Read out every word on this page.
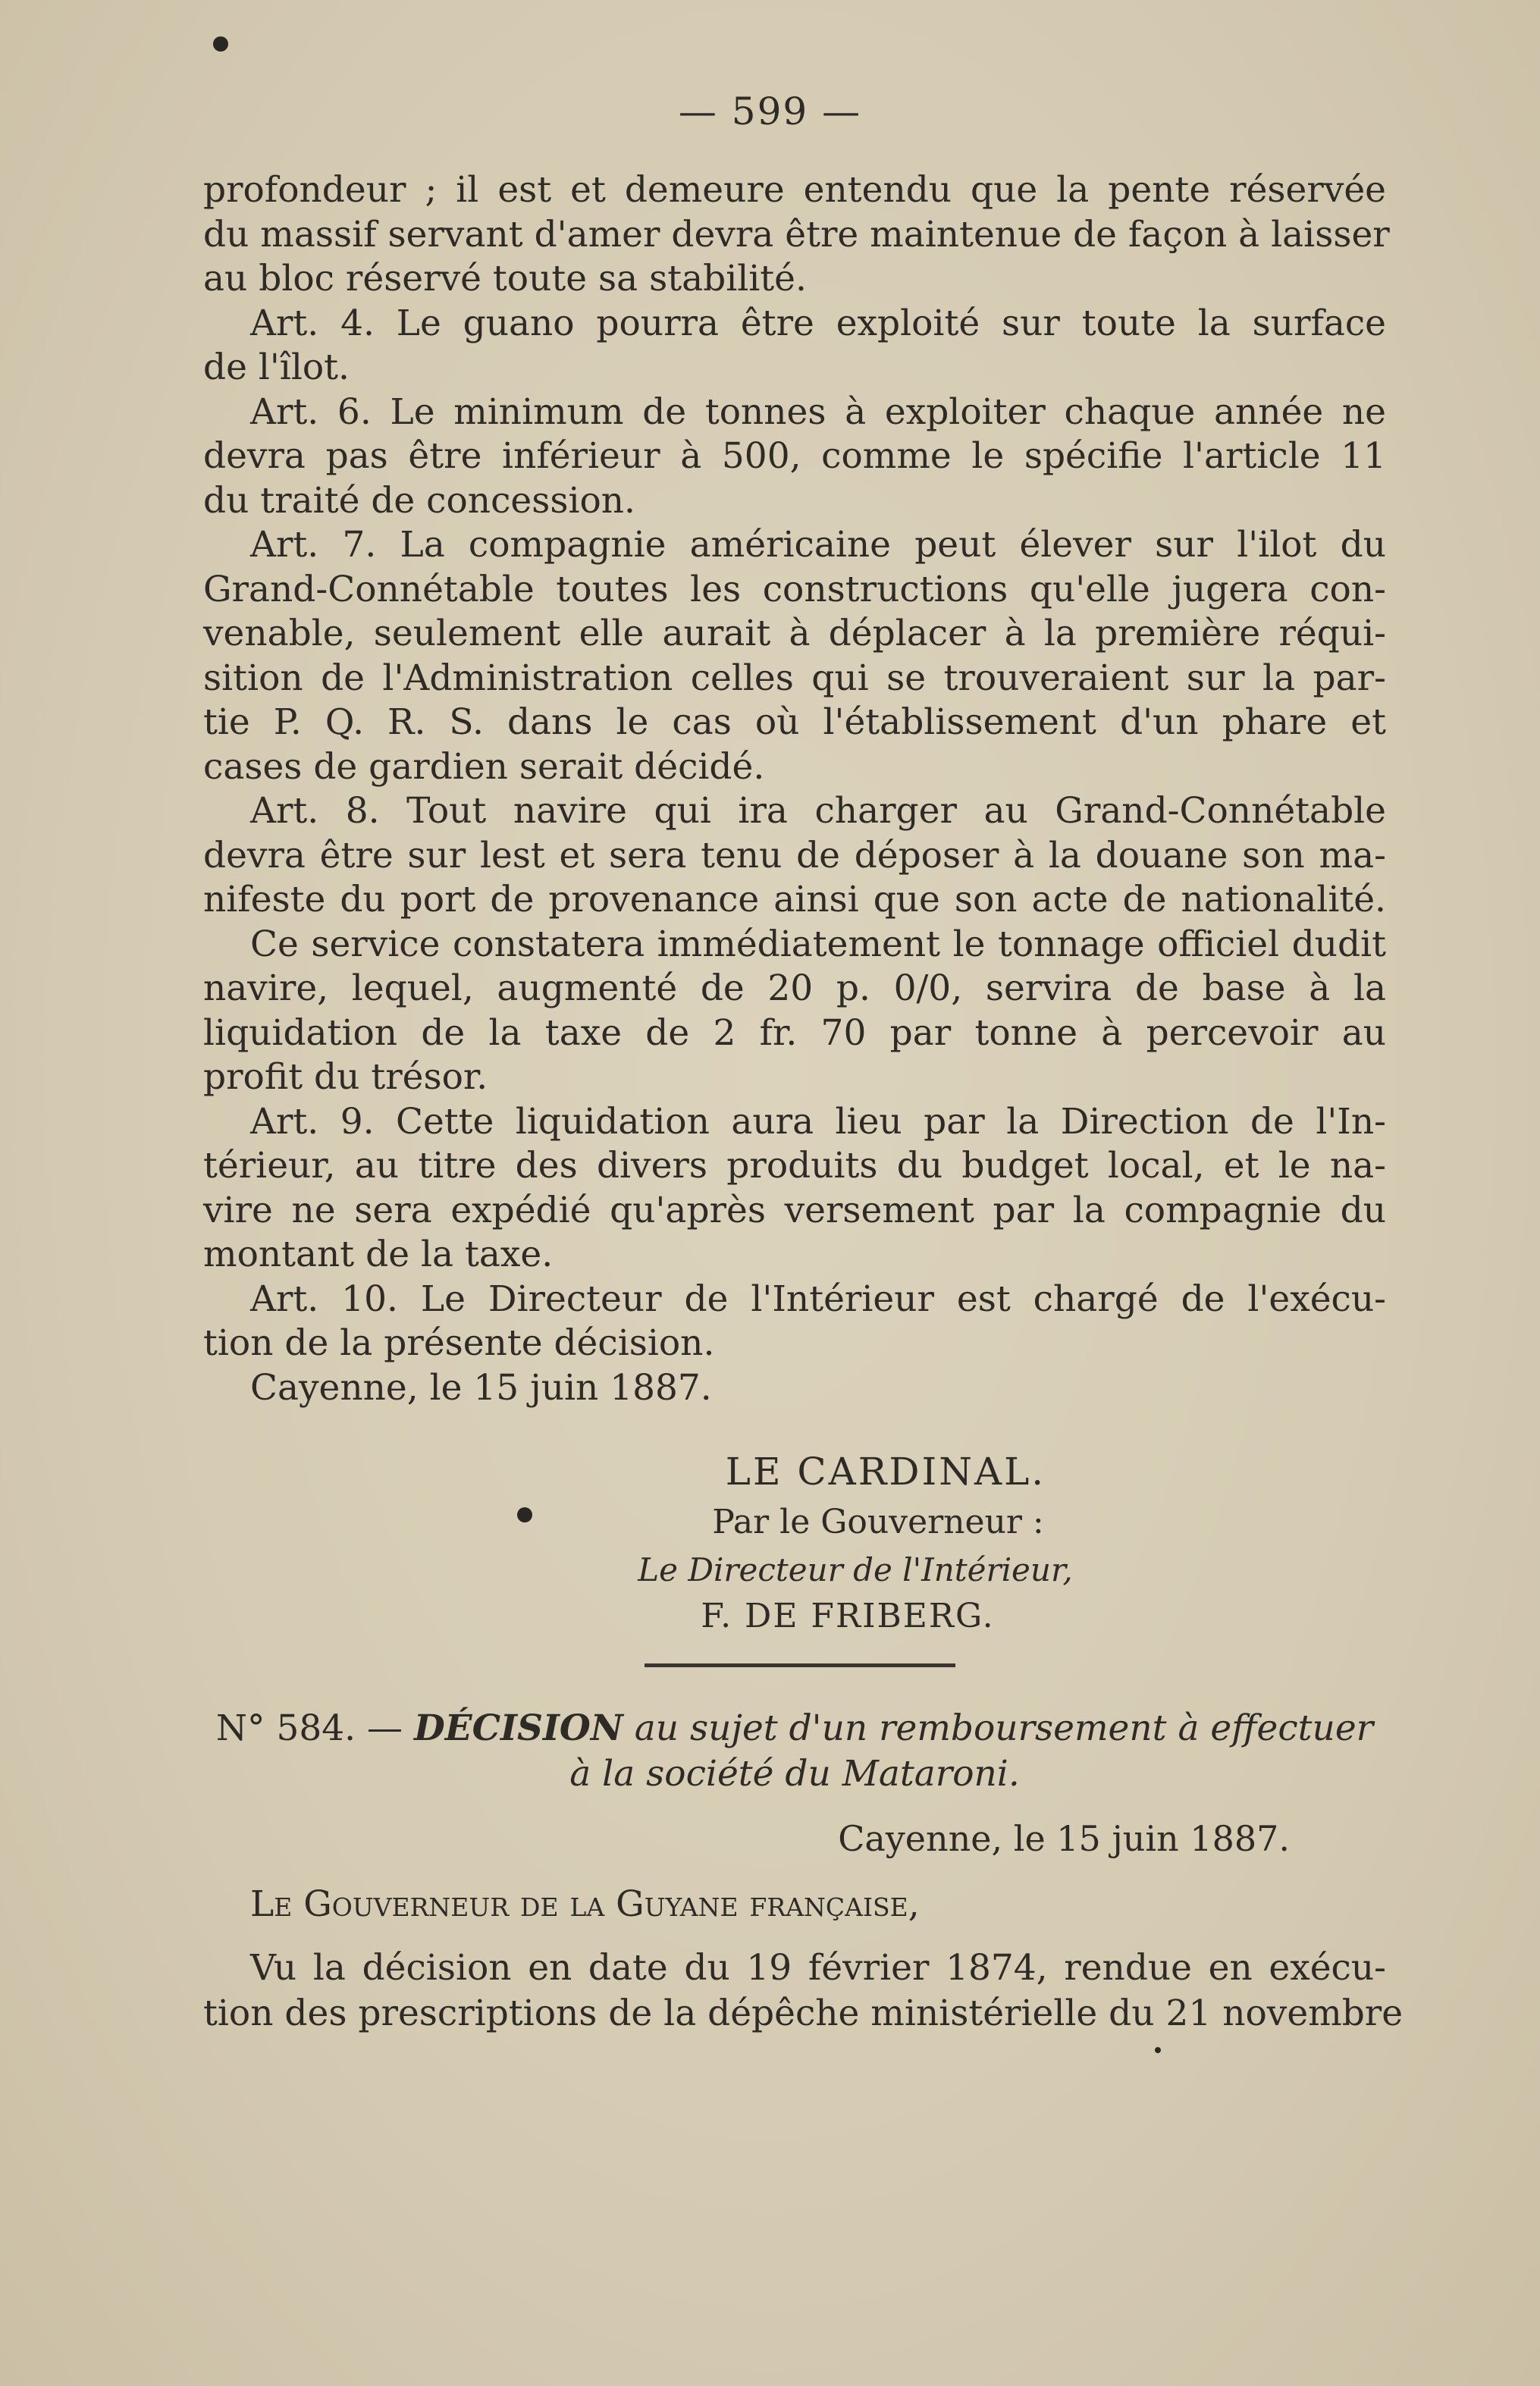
— 599 —
profondeur ; il est et demeure entendu que la pente réservée
du massif servant d'amer devra être maintenue de façon à laisser
au bloc réservé toute sa stabilité.
Art. 4. Le guano pourra être exploité sur toute la surface
de l'îlot.
Art. 6. Le minimum de tonnes à exploiter chaque année ne
devra pas être inférieur à 500, comme le spécifie l'article 11
du traité de concession.
Art. 7. La compagnie américaine peut élever sur l'ilot du
Grand-Connétable toutes les constructions qu'elle jugera con-
venable, seulement elle aurait à déplacer à la première réqui-
sition de l'Administration celles qui se trouveraient sur la par-
tie P. Q. R. S. dans le cas où l'établissement d'un phare et
cases de gardien serait décidé.
Art. 8. Tout navire qui ira charger au Grand-Connétable
devra être sur lest et sera tenu de déposer à la douane son ma-
nifeste du port de provenance ainsi que son acte de nationalité.
Ce service constatera immédiatement le tonnage officiel dudit
navire, lequel, augmenté de 20 p. 0/0, servira de base à la
liquidation de la taxe de 2 fr. 70 par tonne à percevoir au
profit du trésor.
Art. 9. Cette liquidation aura lieu par la Direction de l'In-
térieur, au titre des divers produits du budget local, et le na-
vire ne sera expédié qu'après versement par la compagnie du
montant de la taxe.
Art. 10. Le Directeur de l'Intérieur est chargé de l'exécu-
tion de la présente décision.
Cayenne, le 15 juin 1887.
LE CARDINAL.
Par le Gouverneur :
Le Directeur de l'Intérieur,
F. DE FRIBERG.
N° 584. — DÉCISION au sujet d'un remboursement à effectuer
à la société du Mataroni.
Cayenne, le 15 juin 1887.
Le Gouverneur de la Guyane française,
Vu la décision en date du 19 février 1874, rendue en exécu-
tion des prescriptions de la dépêche ministérielle du 21 novembre
